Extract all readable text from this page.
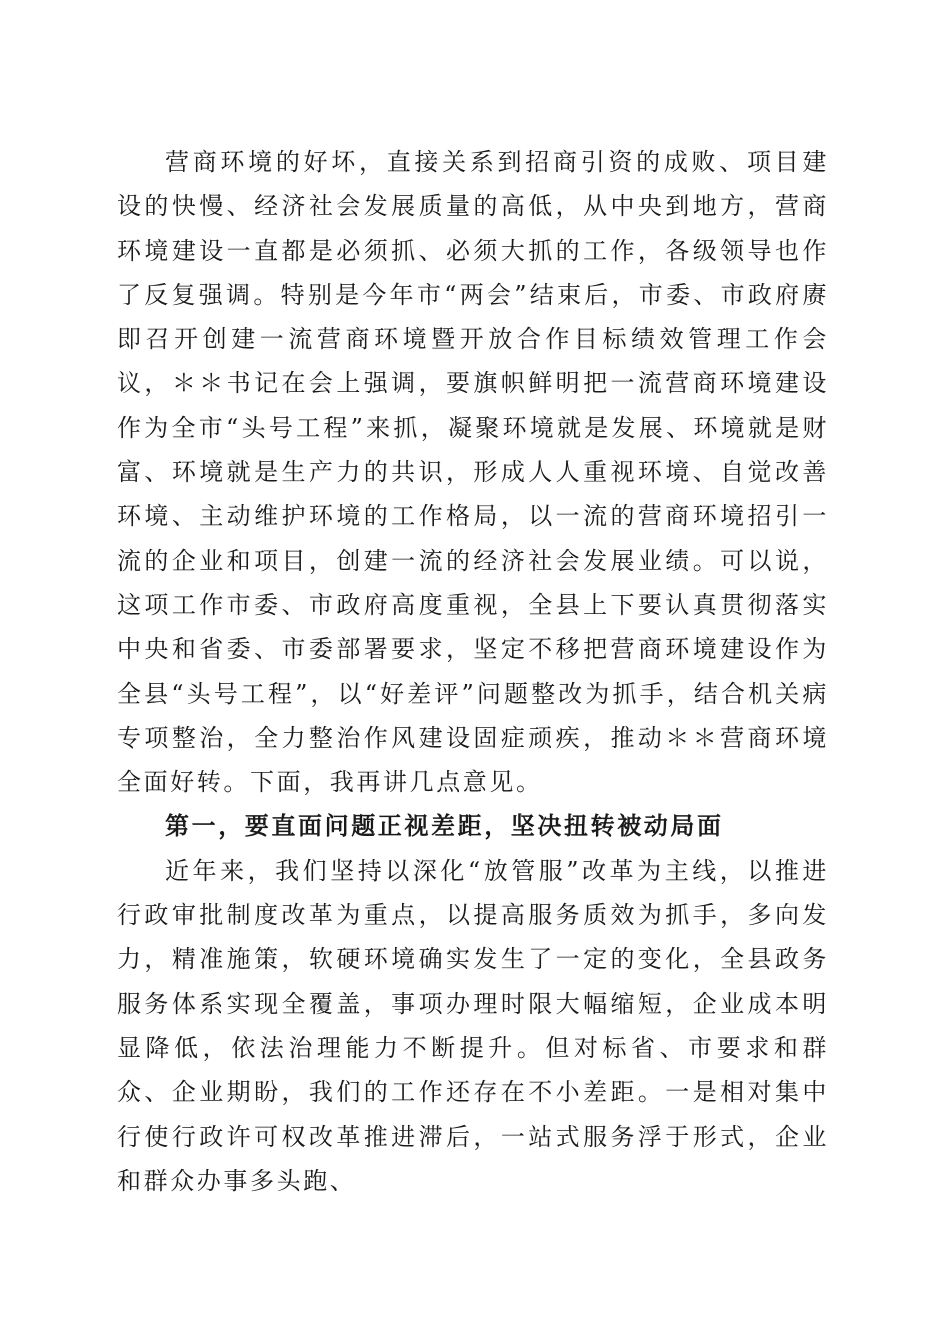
营商环境的好坏，直接关系到招商引资的成败、项目建设的快慢、经济社会发展质量的高低，从中央到地方，营商环境建设一直都是必须抓、必须大抓的工作，各级领导也作了反复强调。特别是今年市“两会”结束后，市委、市政府赓即召开创建一流营商环境暨开放合作目标绩效管理工作会议，＊＊书记在会上强调，要旗帜鲜明把一流营商环境建设作为全市“头号工程”来抓，凝聚环境就是发展、环境就是财富、环境就是生产力的共识，形成人人重视环境、自觉改善环境、主动维护环境的工作格局，以一流的营商环境招引一流的企业和项目，创建一流的经济社会发展业绩。可以说，这项工作市委、市政府高度重视，全县上下要认真贯彻落实中央和省委、市委部署要求，坚定不移把营商环境建设作为全县“头号工程”，以“好差评”问题整改为抓手，结合机关病专项整治，全力整治作风建设固症顽疾，推动＊＊营商环境全面好转。下面，我再讲几点意见。

第一，要直面问题正视差距，坚决扭转被动局面

近年来，我们坚持以深化“放管服”改革为主线，以推进行政审批制度改革为重点，以提高服务质效为抓手，多向发力，精准施策，软硬环境确实发生了一定的变化，全县政务服务体系实现全覆盖，事项办理时限大幅缩短，企业成本明显降低，依法治理能力不断提升。但对标省、市要求和群众、企业期盼，我们的工作还存在不小差距。一是相对集中行使行政许可权改革推进滞后，一站式服务浮于形式，企业和群众办事多头跑、
